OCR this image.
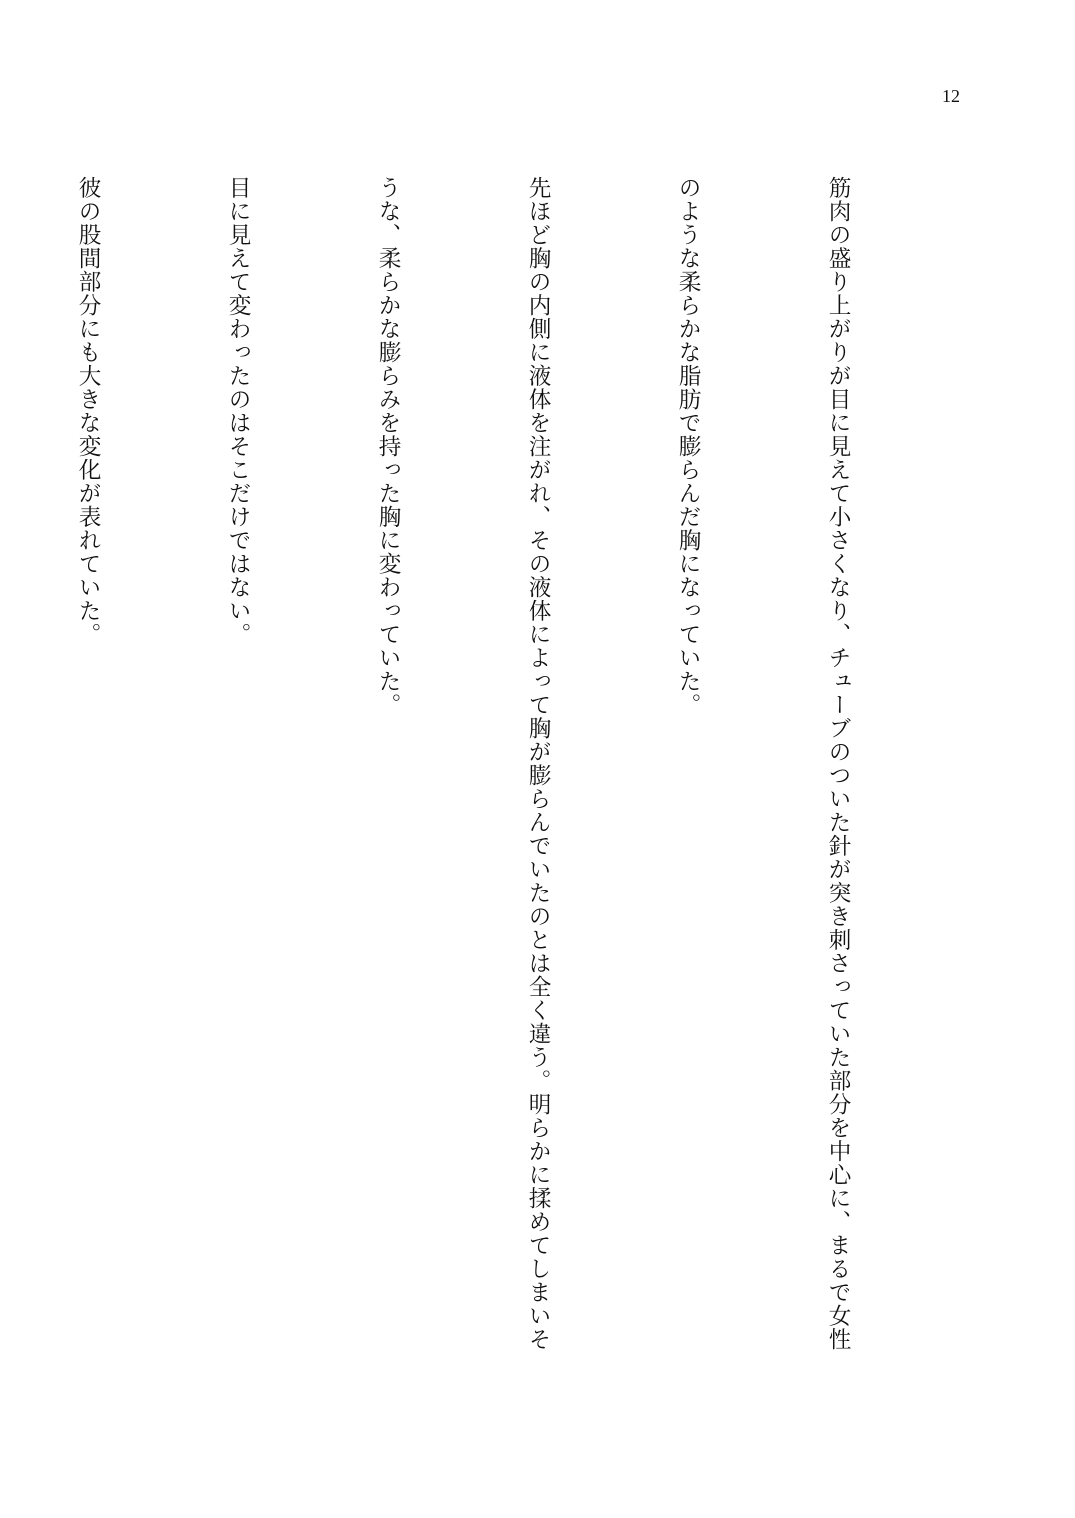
12

筋肉の盛り上がりが目に見えて小さくなり、チューブのついた針が突き刺さっていた部分を中心に、まるで女性

のような柔らかな脂肪で膨らんだ胸になっていた。

先ほど胸の内側に液体を注がれ、その液体によって胸が膨らんでいたのとは全く違う。明らかに揉めてしまいそ

うな、柔らかな膨らみを持った胸に変わっていた。

目に見えて変わったのはそこだけではない。

彼の股間部分にも大きな変化が表れていた。
